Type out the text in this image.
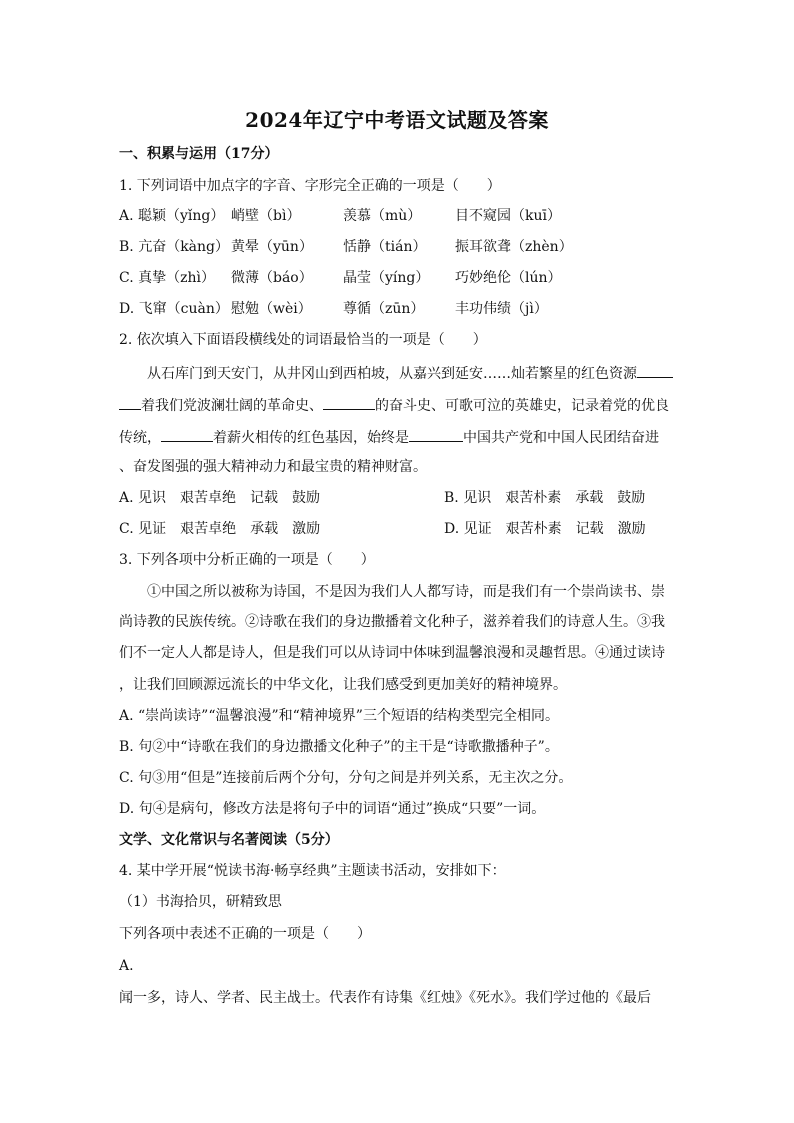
2024年辽宁中考语文试题及答案
一、积累与运用（17分）
1. 下列词语中加点字的字音、字形完全正确的一项是（　　）
A. 聪颖（yǐng） 峭壁（bì）	羡慕（mù） 目不窥园（kuī）
B. 亢奋（kàng） 黄晕（yūn） 恬静（tián） 振耳欲聋（zhèn）
C. 真挚（zhì） 微薄（báo） 晶莹（yíng） 巧妙绝伦（lún）
D. 飞窜（cuàn） 慰勉（wèi） 尊循（zūn） 丰功伟绩（jì）
2. 依次填入下面语段横线处的词语最恰当的一项是（　　）
从石库门到天安门，从井冈山到西柏坡，从嘉兴到延安……灿若繁星的红色资源
着我们党波澜壮阔的革命史、	的奋斗史、可歌可泣的英雄史，记录着党的优良
传统，	着薪火相传的红色基因，始终是	中国共产党和中国人民团结奋进
、奋发图强的强大精神动力和最宝贵的精神财富。
A. 见识　艰苦卓绝　记载　鼓励	B. 见识　艰苦朴素　承载　鼓励
C. 见证　艰苦卓绝　承载　激励	D. 见证　艰苦朴素　记载　激励
3. 下列各项中分析正确的一项是（　　）
①中国之所以被称为诗国，不是因为我们人人都写诗，而是我们有一个崇尚读书、崇
尚诗教的民族传统。②诗歌在我们的身边撒播着文化种子，滋养着我们的诗意人生。③我
们不一定人人都是诗人，但是我们可以从诗词中体味到温馨浪漫和灵趣哲思。④通过读诗
，让我们回顾源远流长的中华文化，让我们感受到更加美好的精神境界。
A. “崇尚读诗”“温馨浪漫”和“精神境界”三个短语的结构类型完全相同。
B. 句②中“诗歌在我们的身边撒播文化种子”的主干是“诗歌撒播种子”。
C. 句③用“但是”连接前后两个分句，分句之间是并列关系，无主次之分。
D. 句④是病句，修改方法是将句子中的词语“通过”换成“只要”一词。
文学、文化常识与名著阅读（5分）
4. 某中学开展“悦读书海·畅享经典”主题读书活动，安排如下：
（1）书海拾贝，研精致思
下列各项中表述不正确的一项是（　　）
A.
闻一多，诗人、学者、民主战士。代表作有诗集《红烛》《死水》。我们学过他的《最后
